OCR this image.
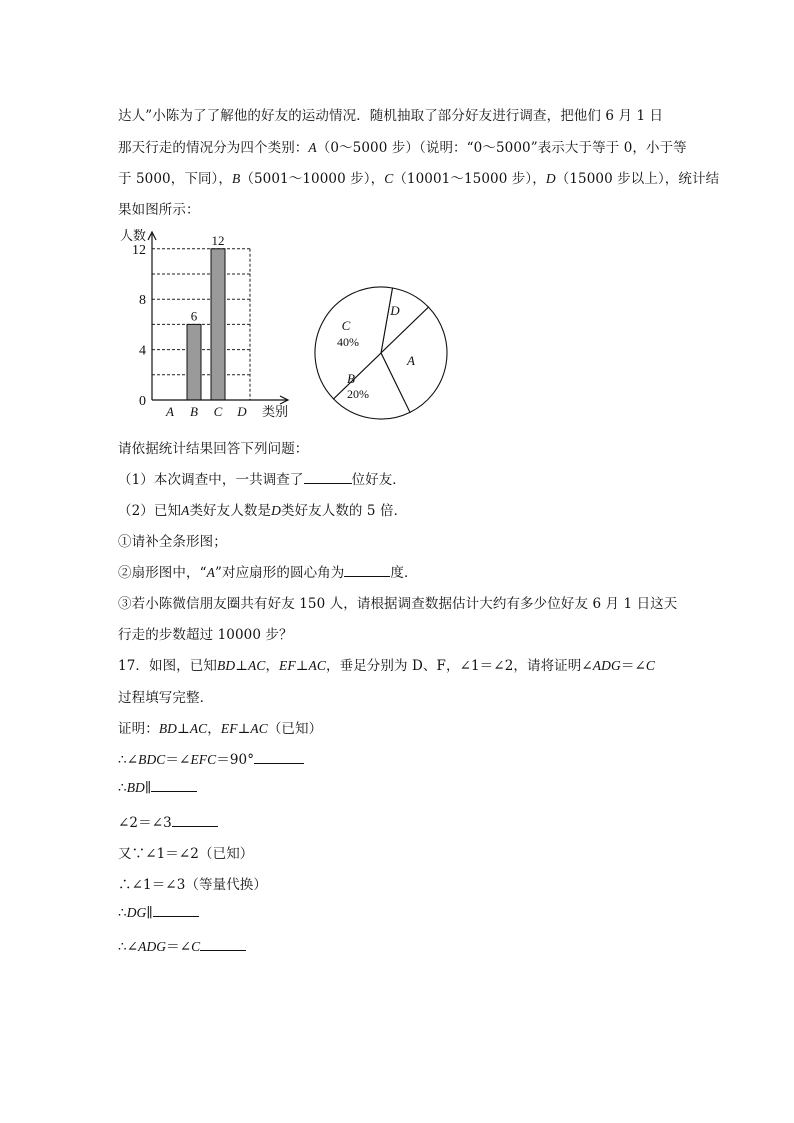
达人”小陈为了了解他的好友的运动情况．随机抽取了部分好友进行调查，把他们 6 月 1 日
那天行走的情况分为四个类别：A（0～5000 步）（说明：“0～5000”表示大于等于 0，小于等
于 5000，下同），B（5001～10000 步），C（10001～15000 步），D（15000 步以上），统计结
果如图所示：
A
6
B
12
C D
0
4
8
12
人数
类别
A
B
20%
C
40%
D
请依据统计结果回答下列问题：
（1）本次调查中，一共调查了	位好友．
（2）已知A类好友人数是D类好友人数的 5 倍．
①请补全条形图；
②扇形图中，“A”对应扇形的圆心角为	度．
③若小陈微信朋友圈共有好友 150 人，请根据调查数据估计大约有多少位好友 6 月 1 日这天
行走的步数超过 10000 步？
17．如图，已知BD⊥AC，EF⊥AC，垂足分别为 D、F，∠1＝∠2，请将证明∠ADG＝∠C
过程填写完整．
证明：BD⊥AC，EF⊥AC（已知）
∴∠BDC＝∠EFC＝90°
∴BD∥
∠2＝∠3
又∵∠1＝∠2（已知）
∴∠1＝∠3（等量代换）
∴DG∥
∴∠ADG＝∠C
